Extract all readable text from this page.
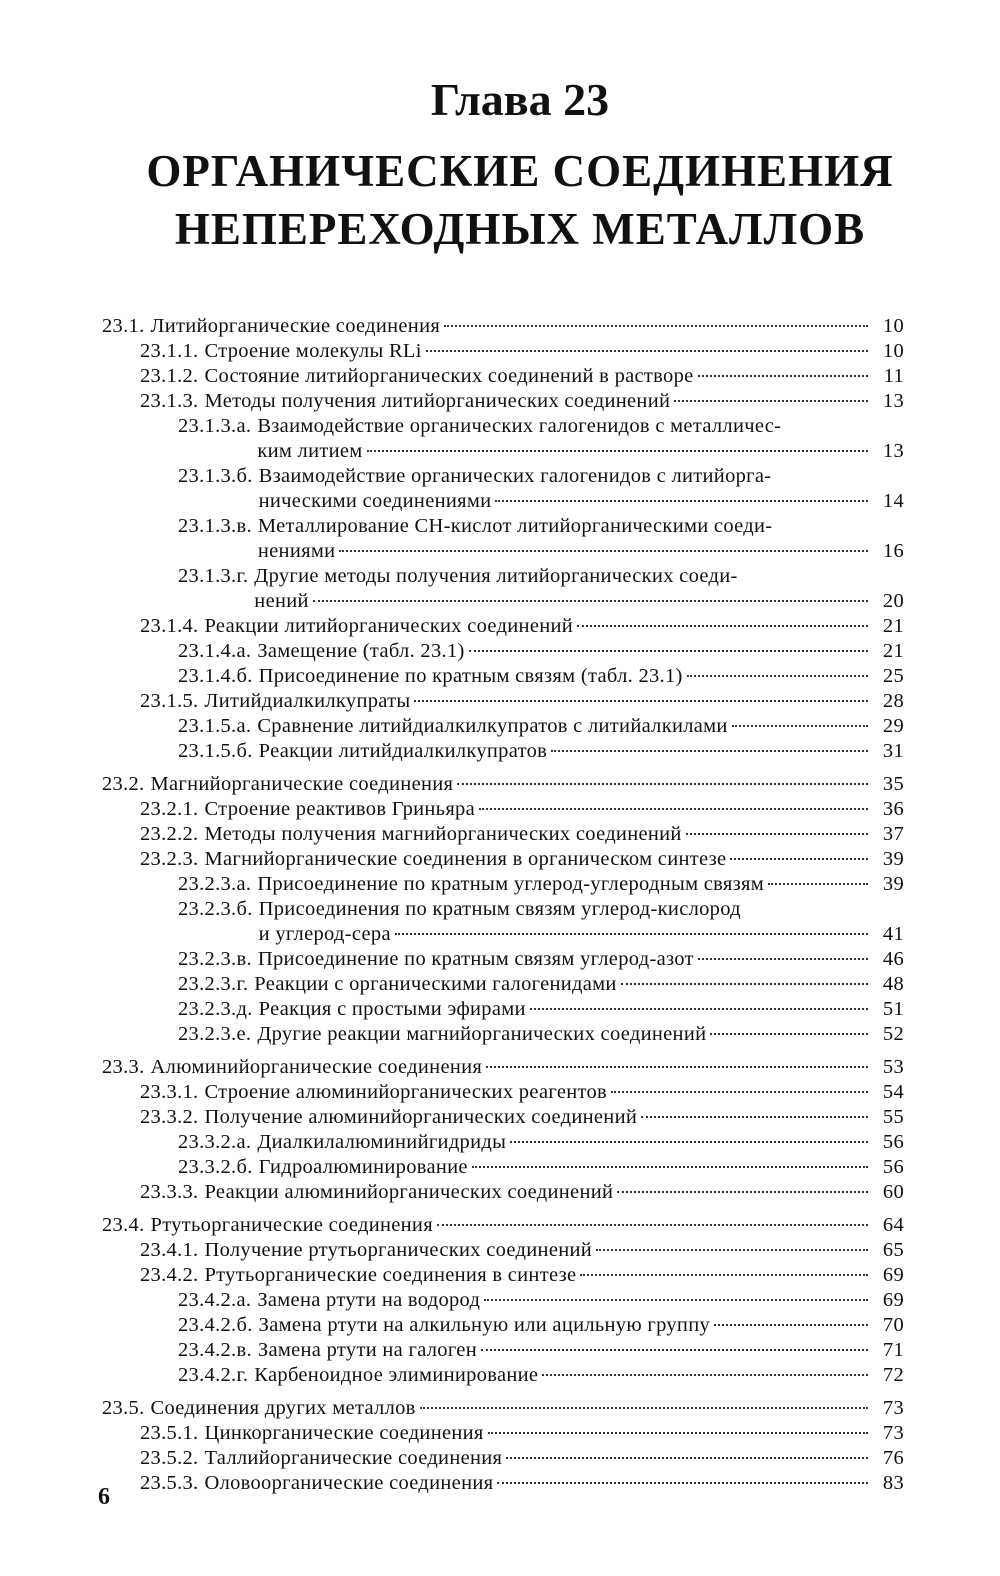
Глава 23
ОРГАНИЧЕСКИЕ СОЕДИНЕНИЯ
НЕПЕРЕХОДНЫХ МЕТАЛЛОВ
23.1. Литийорганические соединения	10
23.1.1. Строение молекулы RLi	10
23.1.2. Состояние литийорганических соединений в растворе	11
23.1.3. Методы получения литийорганических соединений	13
23.1.3.а. Взаимодействие органических галогенидов с металличес-
ким литием	13
23.1.3.б. Взаимодействие органических галогенидов с литийорга-
ническими соединениями	14
23.1.3.в. Металлирование СН-кислот литийорганическими соеди-
нениями	16
23.1.3.г. Другие методы получения литийорганических соеди-
нений	20
23.1.4. Реакции литийорганических соединений	21
23.1.4.а. Замещение (табл. 23.1)	21
23.1.4.б. Присоединение по кратным связям (табл. 23.1)	25
23.1.5. Литийдиалкилкупраты	28
23.1.5.а. Сравнение литийдиалкилкупратов с литийалкилами	29
23.1.5.б. Реакции литийдиалкилкупратов	31
23.2. Магнийорганические соединения	35
23.2.1. Строение реактивов Гриньяра	36
23.2.2. Методы получения магнийорганических соединений	37
23.2.3. Магнийорганические соединения в органическом синтезе	39
23.2.3.а. Присоединение по кратным углерод-углеродным связям	39
23.2.3.б. Присоединения по кратным связям углерод-кислород
и углерод-сера	41
23.2.3.в. Присоединение по кратным связям углерод-азот	46
23.2.3.г. Реакции с органическими галогенидами	48
23.2.3.д. Реакция с простыми эфирами	51
23.2.3.е. Другие реакции магнийорганических соединений	52
23.3. Алюминийорганические соединения	53
23.3.1. Строение алюминийорганических реагентов	54
23.3.2. Получение алюминийорганических соединений	55
23.3.2.а. Диалкилалюминийгидриды	56
23.3.2.б. Гидроалюминирование	56
23.3.3. Реакции алюминийорганических соединений	60
23.4. Ртутьорганические соединения	64
23.4.1. Получение ртутьорганических соединений	65
23.4.2. Ртутьорганические соединения в синтезе	69
23.4.2.а. Замена ртути на водород	69
23.4.2.б. Замена ртути на алкильную или ацильную группу	70
23.4.2.в. Замена ртути на галоген	71
23.4.2.г. Карбеноидное элиминирование	72
23.5. Соединения других металлов	73
23.5.1. Цинкорганические соединения	73
23.5.2. Таллийорганические соединения	76
23.5.3. Оловоорганические соединения	83
6
